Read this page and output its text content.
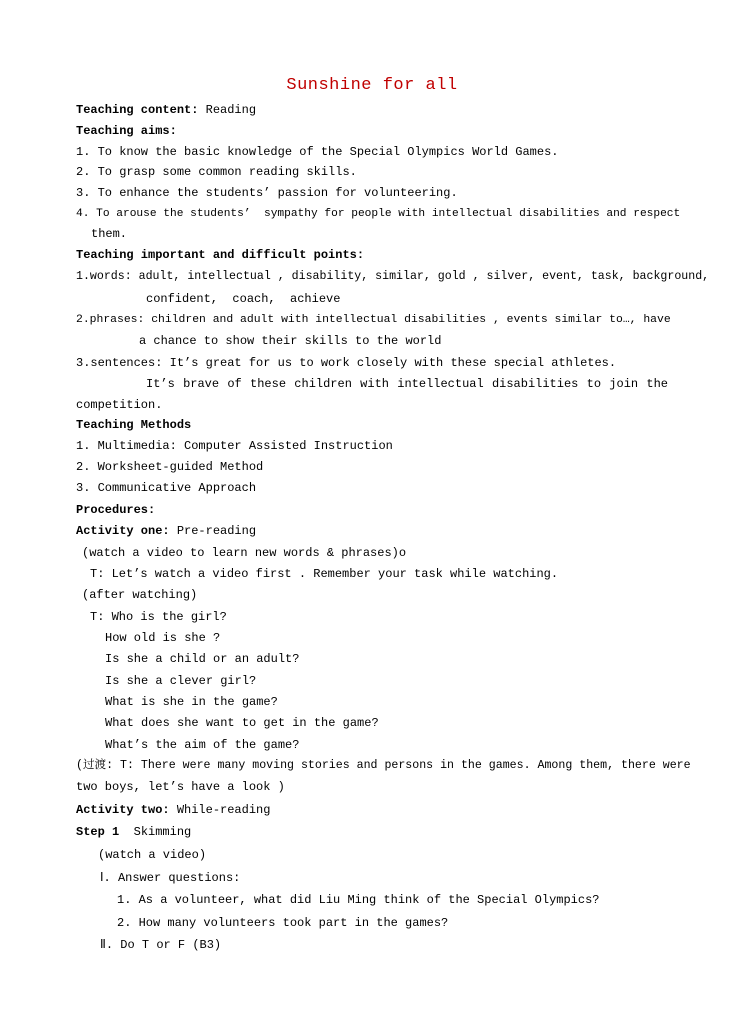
Sunshine for all
Teaching content: Reading
Teaching aims:
1. To know the basic knowledge of the Special Olympics World Games.
2. To grasp some common reading skills.
3. To enhance the students’ passion for volunteering.
4. To arouse the students’  sympathy for people with intellectual disabilities and respect
them.
Teaching important and difficult points:
1.words: adult, intellectual , disability, similar, gold , silver, event, task, background,
confident,  coach,  achieve
2.phrases: children and adult with intellectual disabilities , events similar to…, have
a chance to show their skills to the world
3.sentences: It’s great for us to work closely with these special athletes.
It’s brave of these children with intellectual disabilities to join the
competition.
Teaching Methods
1. Multimedia: Computer Assisted Instruction
2. Worksheet-guided Method
3. Communicative Approach
Procedures:
Activity one: Pre-reading
(watch a video to learn new words & phrases)o
T: Let’s watch a video first . Remember your task while watching.
(after watching)
T: Who is the girl?
How old is she ?
Is she a child or an adult?
Is she a clever girl?
What is she in the game?
What does she want to get in the game?
What’s the aim of the game?
(过渡: T: There were many moving stories and persons in the games. Among them, there were
two boys, let’s have a look )
Activity two: While-reading
Step 1  Skimming
(watch a video)
Ⅰ. Answer questions:
1. As a volunteer, what did Liu Ming think of the Special Olympics?
2. How many volunteers took part in the games?
Ⅱ. Do T or F (B3)
